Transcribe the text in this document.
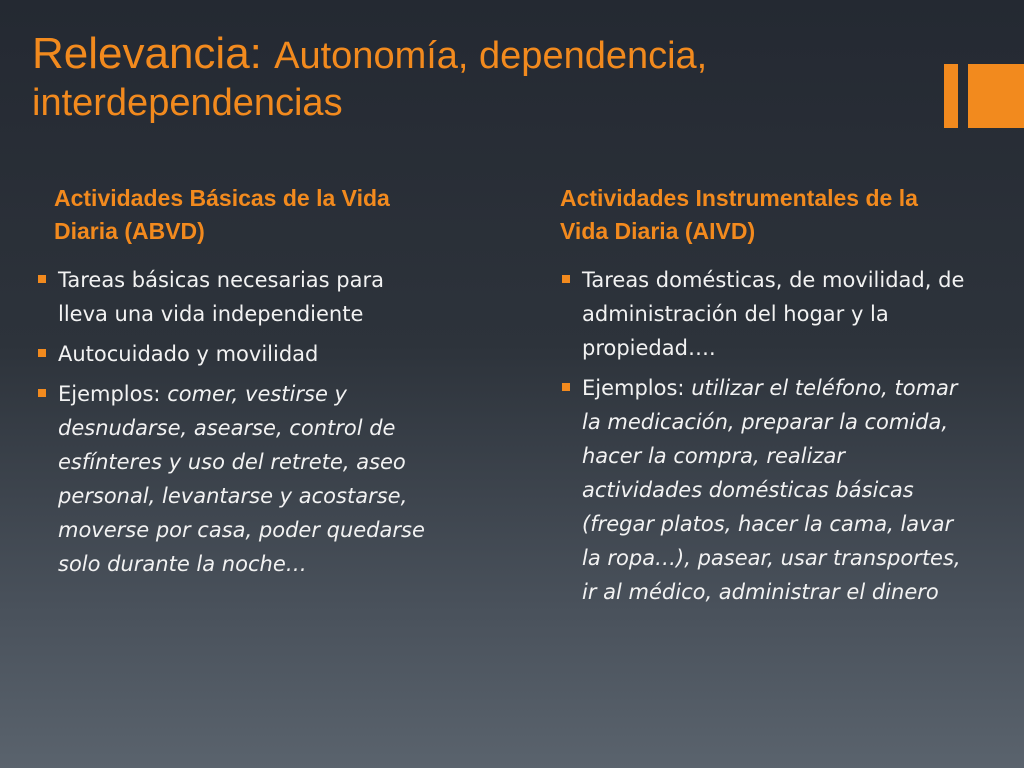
Relevancia: Autonomía, dependencia, interdependencias
Actividades Básicas de la Vida Diaria (ABVD)
Tareas básicas necesarias para lleva una vida independiente
Autocuidado y movilidad
Ejemplos: comer, vestirse y desnudarse, asearse, control de esfínteres y uso del retrete, aseo personal, levantarse y acostarse, moverse por casa, poder quedarse solo durante la noche…
Actividades Instrumentales de la Vida Diaria (AIVD)
Tareas domésticas, de movilidad, de administración del hogar y la propiedad….
Ejemplos: utilizar el teléfono, tomar la medicación, preparar la comida, hacer la compra, realizar actividades domésticas básicas (fregar platos, hacer la cama, lavar la ropa…), pasear, usar transportes, ir al médico, administrar el dinero
